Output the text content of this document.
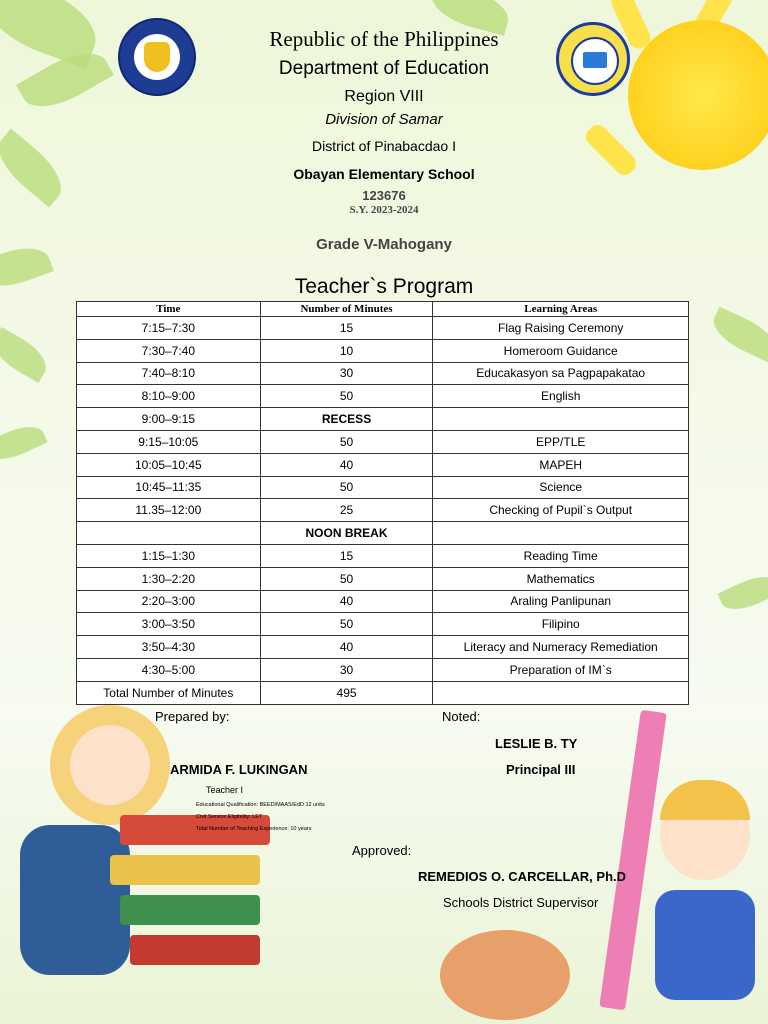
Republic of the Philippines
Department of Education
Region VIII
Division of Samar
District of Pinabacdao I
Obayan Elementary School
123676
S.Y. 2023-2024
Grade V-Mahogany
Teacher`s Program
Time	Number of Minutes	Learning Areas
7:15–7:30	15	Flag Raising Ceremony
7:30–7:40	10	Homeroom Guidance
7:40–8:10	30	Educakasyon sa Pagpapakatao
8:10–9:00	50	English
9:00–9:15	RECESS	
9:15–10:05	50	EPP/TLE
10:05–10:45	40	MAPEH
10:45–11:35	50	Science
11.35–12:00	25	Checking of Pupil`s Output
	NOON BREAK	
1:15–1:30	15	Reading Time
1:30–2:20	50	Mathematics
2:20–3:00	40	Araling Panlipunan
3:00–3:50	50	Filipino
3:50–4:30	40	Literacy and Numeracy Remediation
4:30–5:00	30	Preparation of IM`s
Total Number of Minutes	495	
Prepared by:	Noted:
LESLIE B. TY
ARMIDA F. LUKINGAN	Principal III
Teacher I
Educational Qualification: BEED/MAAS/EdD 12 units
Civil Service Eligibility: LET
Total Number of Teaching Experience: 10 years
Approved:
REMEDIOS O. CARCELLAR, Ph.D
Schools District Supervisor
